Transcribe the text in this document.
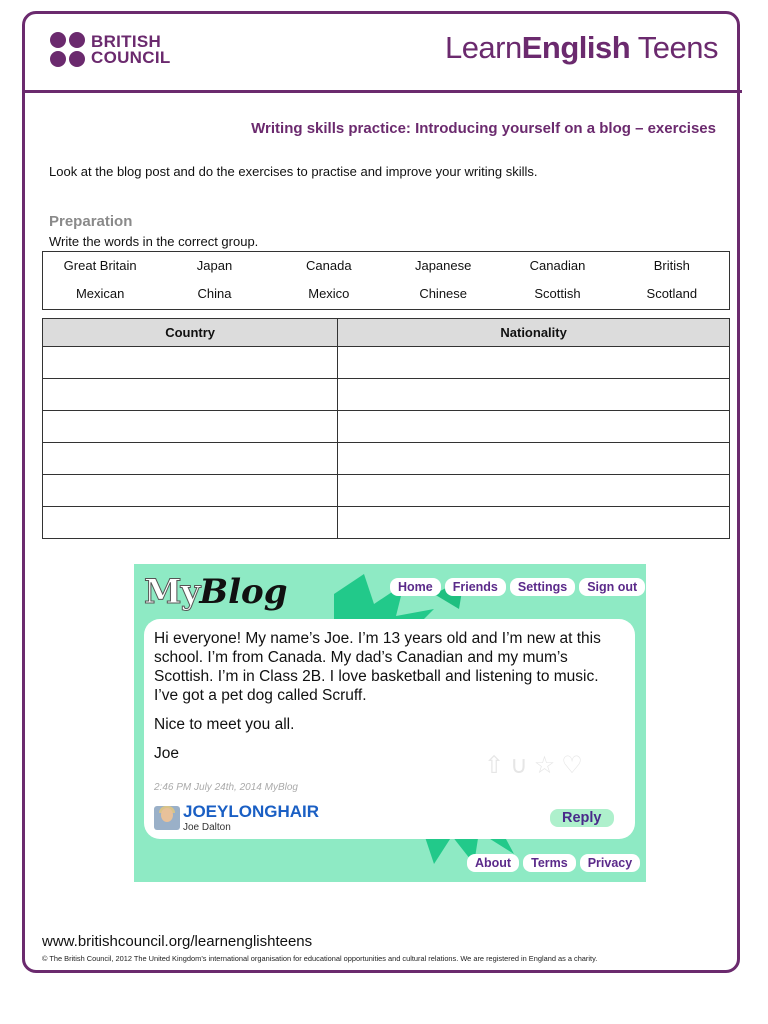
BRITISH
COUNCIL	LearnEnglish Teens
Writing skills practice: Introducing yourself on a blog – exercises
Look at the blog post and do the exercises to practise and improve your writing skills.
Preparation
Write the words in the correct group.
Great Britain	Japan	Canada	Japanese	Canadian	British
Mexican	China	Mexico	Chinese	Scottish	Scotland
Country	Nationality

MyBlog	Home	Friends	Settings	Sign out

Hi everyone! My name’s Joe. I’m 13 years old and I’m new at this school. I’m from Canada. My dad’s Canadian and my mum’s Scottish. I’m in Class 2B. I love basketball and listening to music. I’ve got a pet dog called Scruff.

Nice to meet you all.

Joe

2:46 PM July 24th, 2014 MyBlog
⇧ ∪ ☆ ♡
JOEYLONGHAIR
Joe Dalton
Reply
About	Terms	Privacy
www.britishcouncil.org/learnenglishteens
© The British Council, 2012 The United Kingdom’s international organisation for educational opportunities and cultural relations. We are registered in England as a charity.
